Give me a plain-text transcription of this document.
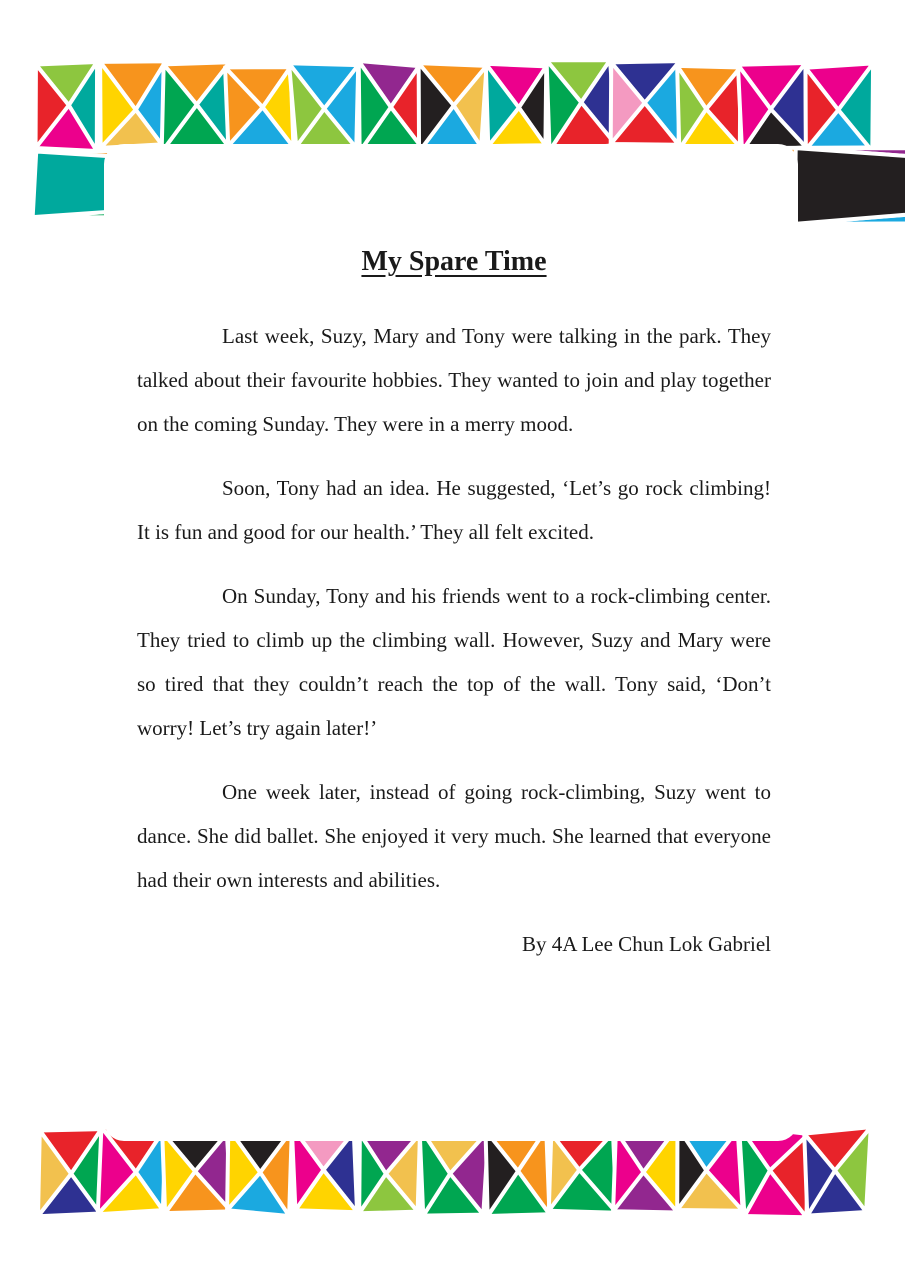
My Spare Time

Last week, Suzy, Mary and Tony were talking in the park. They talked about their favourite hobbies. They wanted to join and play together on the coming Sunday. They were in a merry mood.

Soon, Tony had an idea. He suggested, ‘Let’s go rock climbing! It is fun and good for our health.’ They all felt excited.

On Sunday, Tony and his friends went to a rock-climbing center. They tried to climb up the climbing wall. However, Suzy and Mary were so tired that they couldn’t reach the top of the wall. Tony said, ‘Don’t worry! Let’s try again later!’

One week later, instead of going rock-climbing, Suzy went to dance. She did ballet. She enjoyed it very much. She learned that everyone had their own interests and abilities.

By 4A Lee Chun Lok Gabriel
